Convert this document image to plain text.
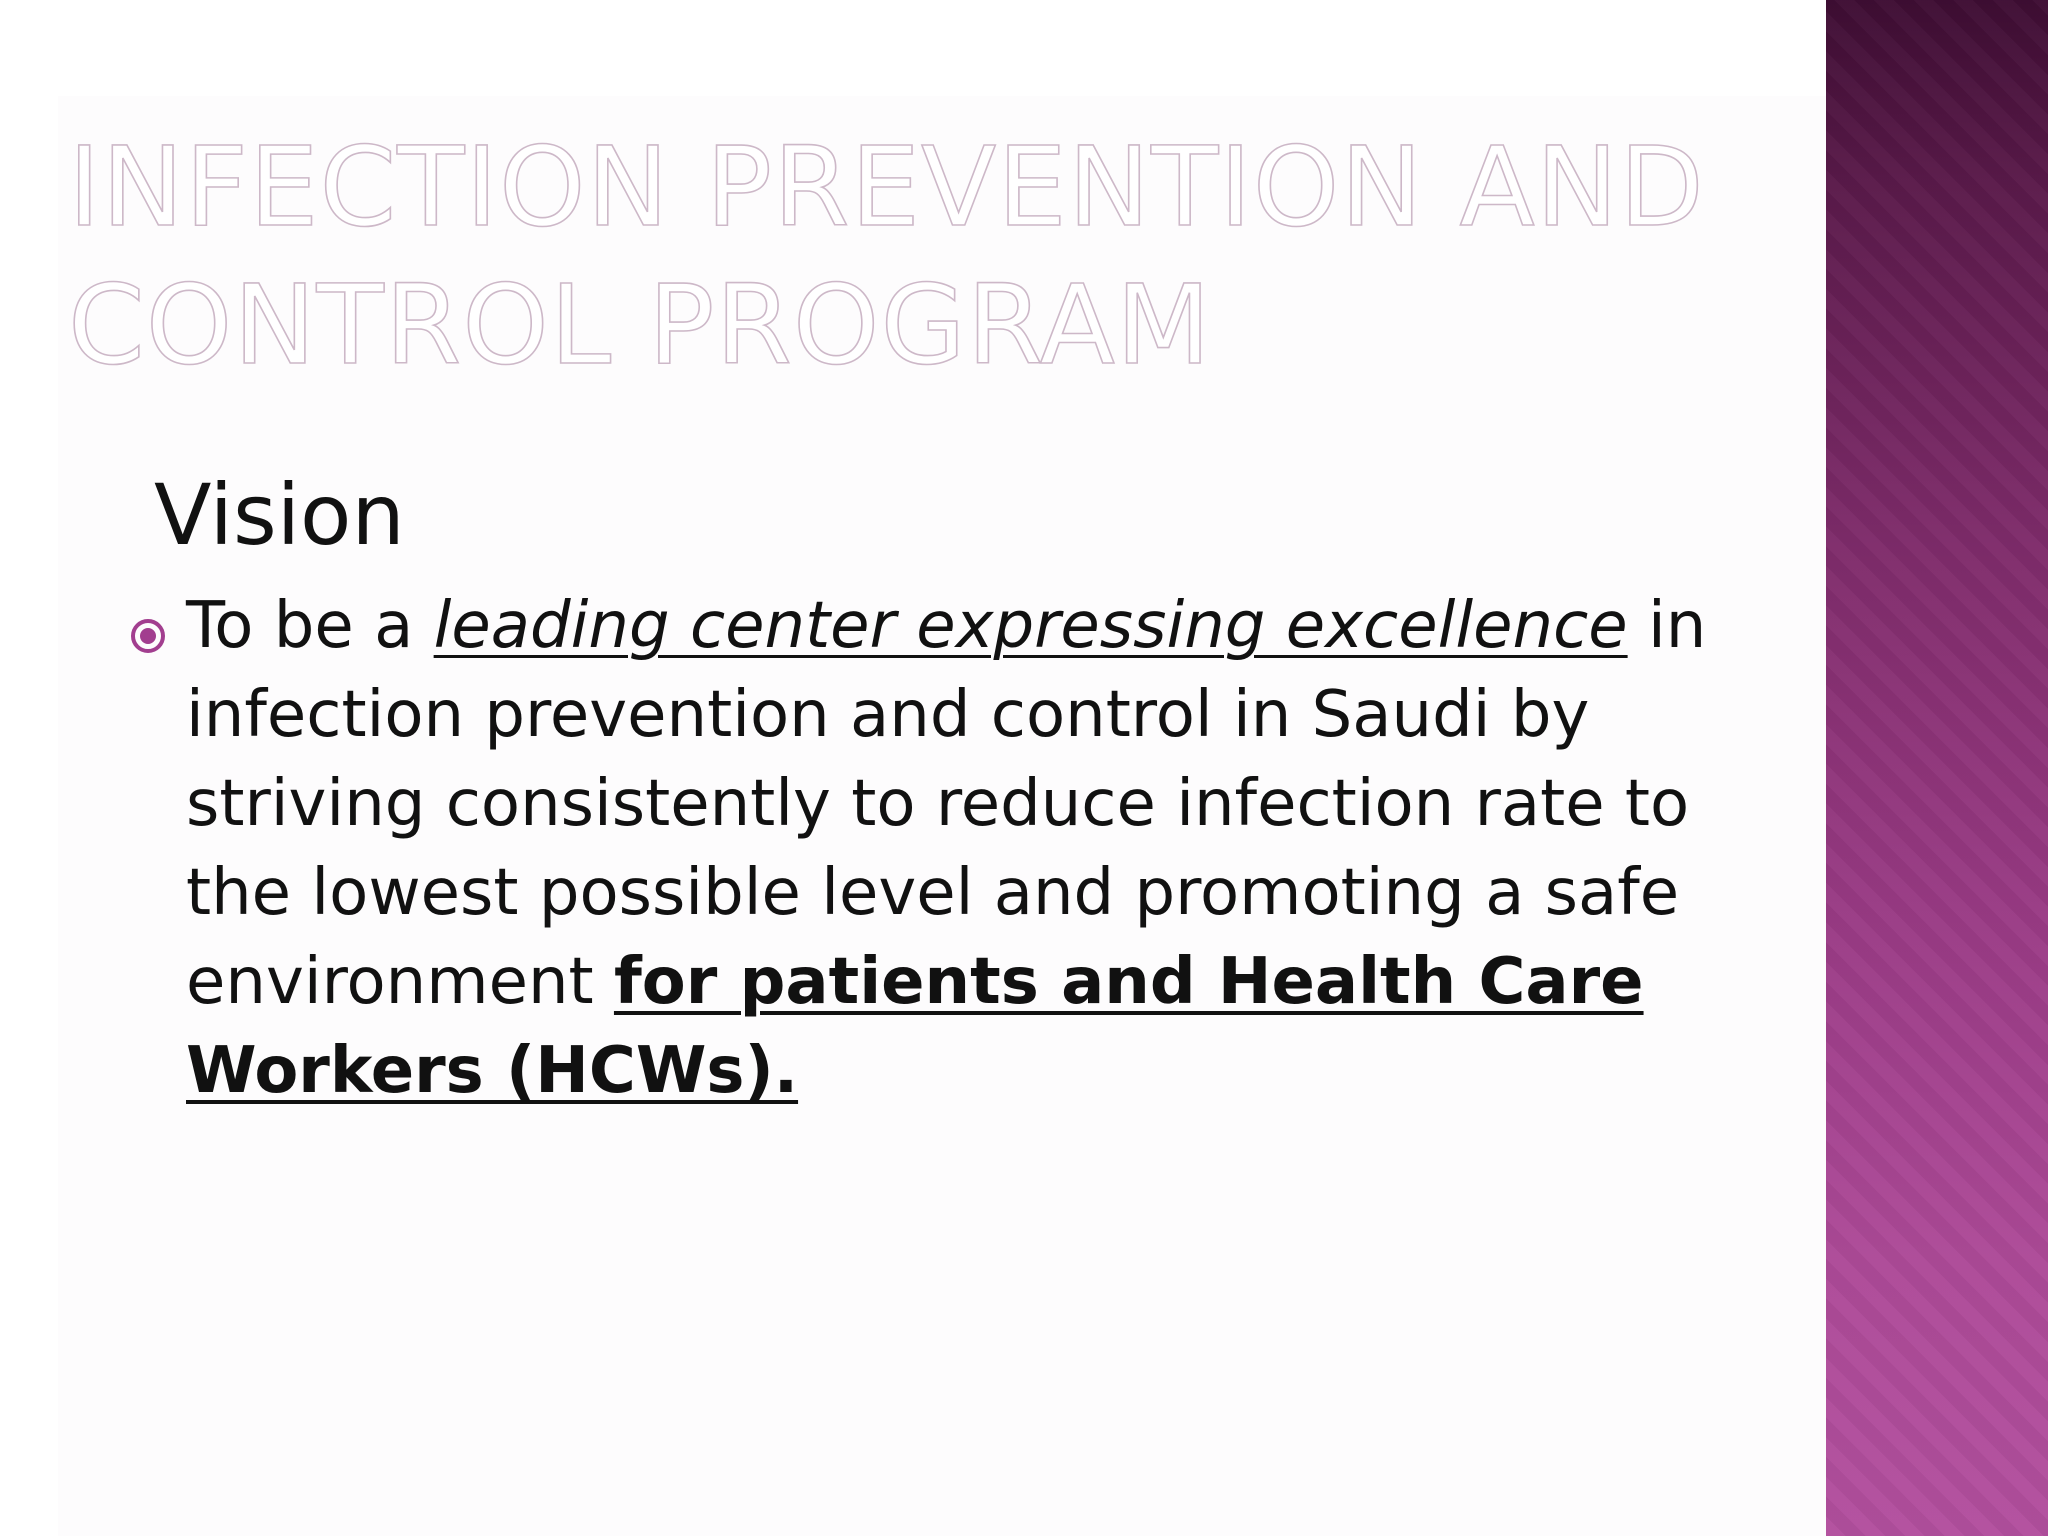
INFECTION PREVENTION AND
CONTROL PROGRAM
Vision
To be a leading center expressing excellence in infection prevention and control in Saudi by striving consistently to reduce infection rate to the lowest possible level and promoting a safe environment for patients and Health Care Workers (HCWs).
